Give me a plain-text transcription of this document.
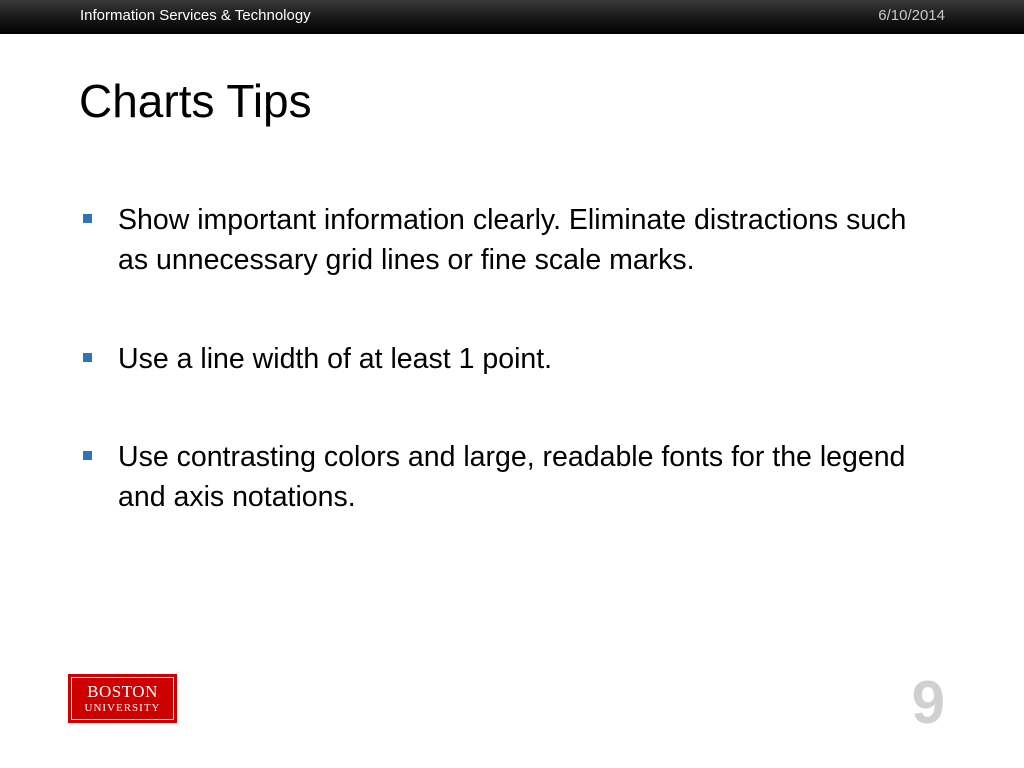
Information Services & Technology	6/10/2014
Charts Tips
Show important information clearly. Eliminate distractions such as unnecessary grid lines or fine scale marks.
Use a line width of at least 1 point.
Use contrasting colors and large, readable fonts for the legend and axis notations.
BOSTON
UNIVERSITY	9
